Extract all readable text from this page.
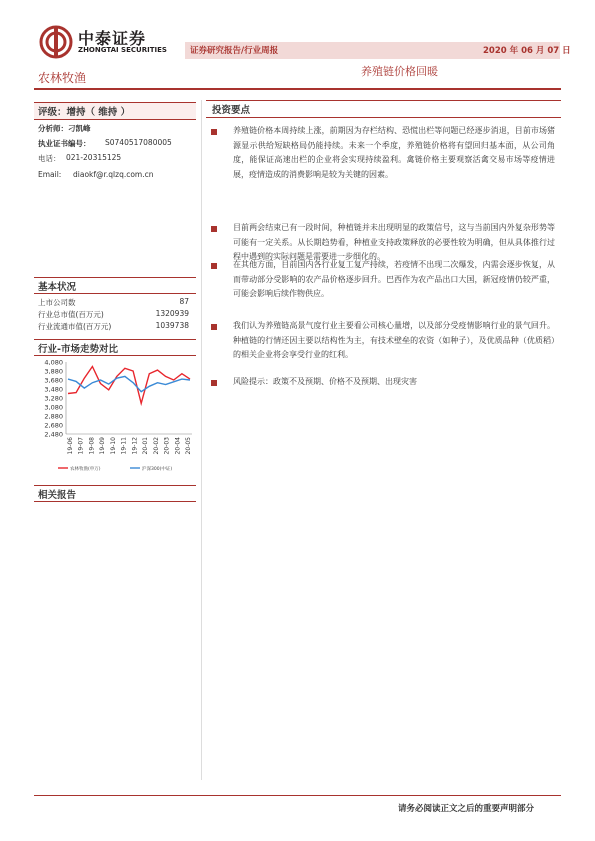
中泰证券
ZHONGTAI SECURITIES	证券研究报告/行业周报	2020 年 06 月 07 日
养殖链价格回暖
农林牧渔
评级：增持（ 维持 ）
分析师：刁凯峰
执业证书编号： S0740517080005
电话： 021-20315125
Email: diaokf@r.qlzq.com.cn
基本状况
上市公司数	87
行业总市值(百万元)	1320939
行业流通市值(百万元)	1039738
行业-市场走势对比
4,080
3,880
3,680
3,480
3,280
3,080
2,880
2,680
2,480
19-06 19-07 19-08 19-09 19-10 19-11 19-12 20-01 20-02 20-03 20-04 20-05
农林牧渔(申万)	沪深300(中证)
相关报告
投资要点
养殖链价格本周持续上涨，前期因为存栏结构、恐慌出栏等问题已经逐步消退，目前市场猪源显示供给短缺格局仍能持续。未来一个季度，养殖链价格将有望回归基本面，从公司角度，能保证高速出栏的企业将会实现持续盈利。禽链价格主要观察活禽交易市场等疫情进展，疫情造成的消费影响是较为关键的因素。
目前两会结束已有一段时间，种植链并未出现明显的政策信号，这与当前国内外复杂形势等可能有一定关系。从长期趋势看，种植业支持政策释放的必要性较为明确，但从具体推行过程中遇到的实际问题是需要进一步细化的。
在其他方面，目前国内各行业复工复产持续，若疫情不出现二次爆发，内需会逐步恢复，从而带动部分受影响的农产品价格逐步回升。巴西作为农产品出口大国，新冠疫情仍较严重，可能会影响后续作物供应。
我们认为养殖链高景气度行业主要看公司核心量增，以及部分受疫情影响行业的景气回升。种植链的行情还因主要以结构性为主，有技术壁垒的农资（如种子），及优质品种（优质稻）的相关企业将会享受行业的红利。
风险提示：政策不及预期、价格不及预期、出现灾害
请务必阅读正文之后的重要声明部分
